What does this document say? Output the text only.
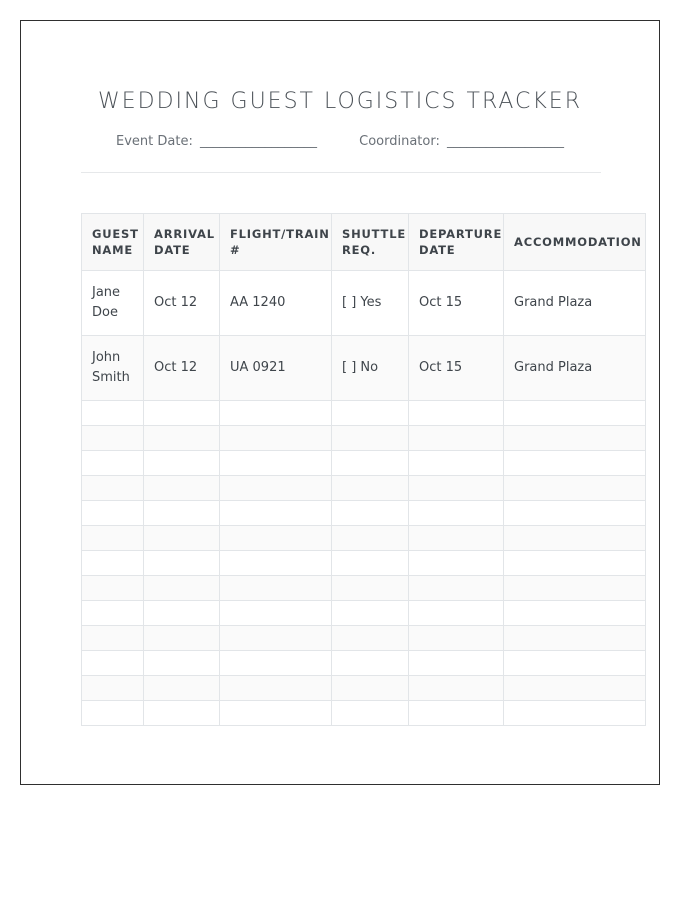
WEDDING GUEST LOGISTICS TRACKER
Event Date: __________________	Coordinator: __________________
GUEST NAME	ARRIVAL DATE	FLIGHT/TRAIN #	SHUTTLE REQ.	DEPARTURE DATE	ACCOMMODATION
Jane Doe	Oct 12	AA 1240	[ ] Yes	Oct 15	Grand Plaza
John Smith	Oct 12	UA 0921	[ ] No	Oct 15	Grand Plaza
